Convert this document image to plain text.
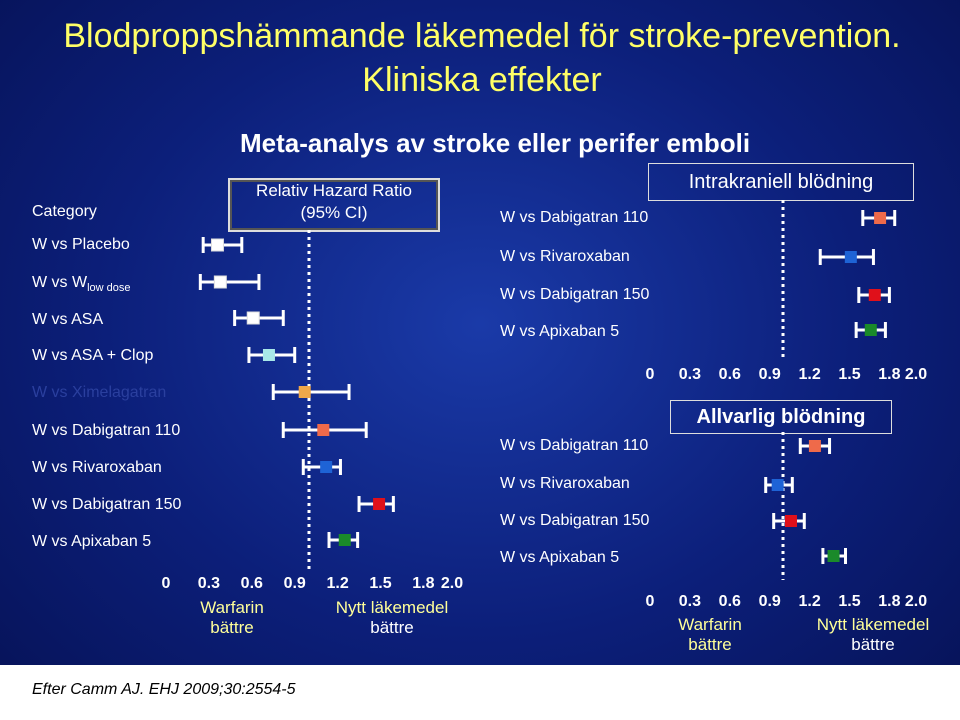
Blodproppshämmande läkemedel för stroke-prevention. Kliniska effekter
Meta-analys av stroke eller perifer emboli
Relativ Hazard Ratio
(95% CI)
Category
W vs Placebo
W vs $W_{low dose}$
W vs ASA
W vs ASA + Clop
W vs Ximelagatran
W vs Dabigatran 110
W vs Rivaroxaban
W vs Dabigatran 150
W vs Apixaban 5
Warfarin
bättre
Nytt läkemedel
bättre
Intrakraniell blödning
Allvarlig blödning
W vs Dabigatran 110
W vs Rivaroxaban
W vs Dabigatran 150
W vs Apixaban 5
W vs Dabigatran 110
W vs Rivaroxaban
W vs Dabigatran 150
W vs Apixaban 5
Warfarin
bättre
Nytt läkemedel
bättre
0 0.3 0.6 0.9 1.2 1.5 1.8 2.0
0 0.3 0.6 0.9 1.2 1.5 1.8 2.0
0 0.3 0.6 0.9 1.2 1.5 1.8 2.0
Efter Camm AJ. EHJ 2009;30:2554-5
